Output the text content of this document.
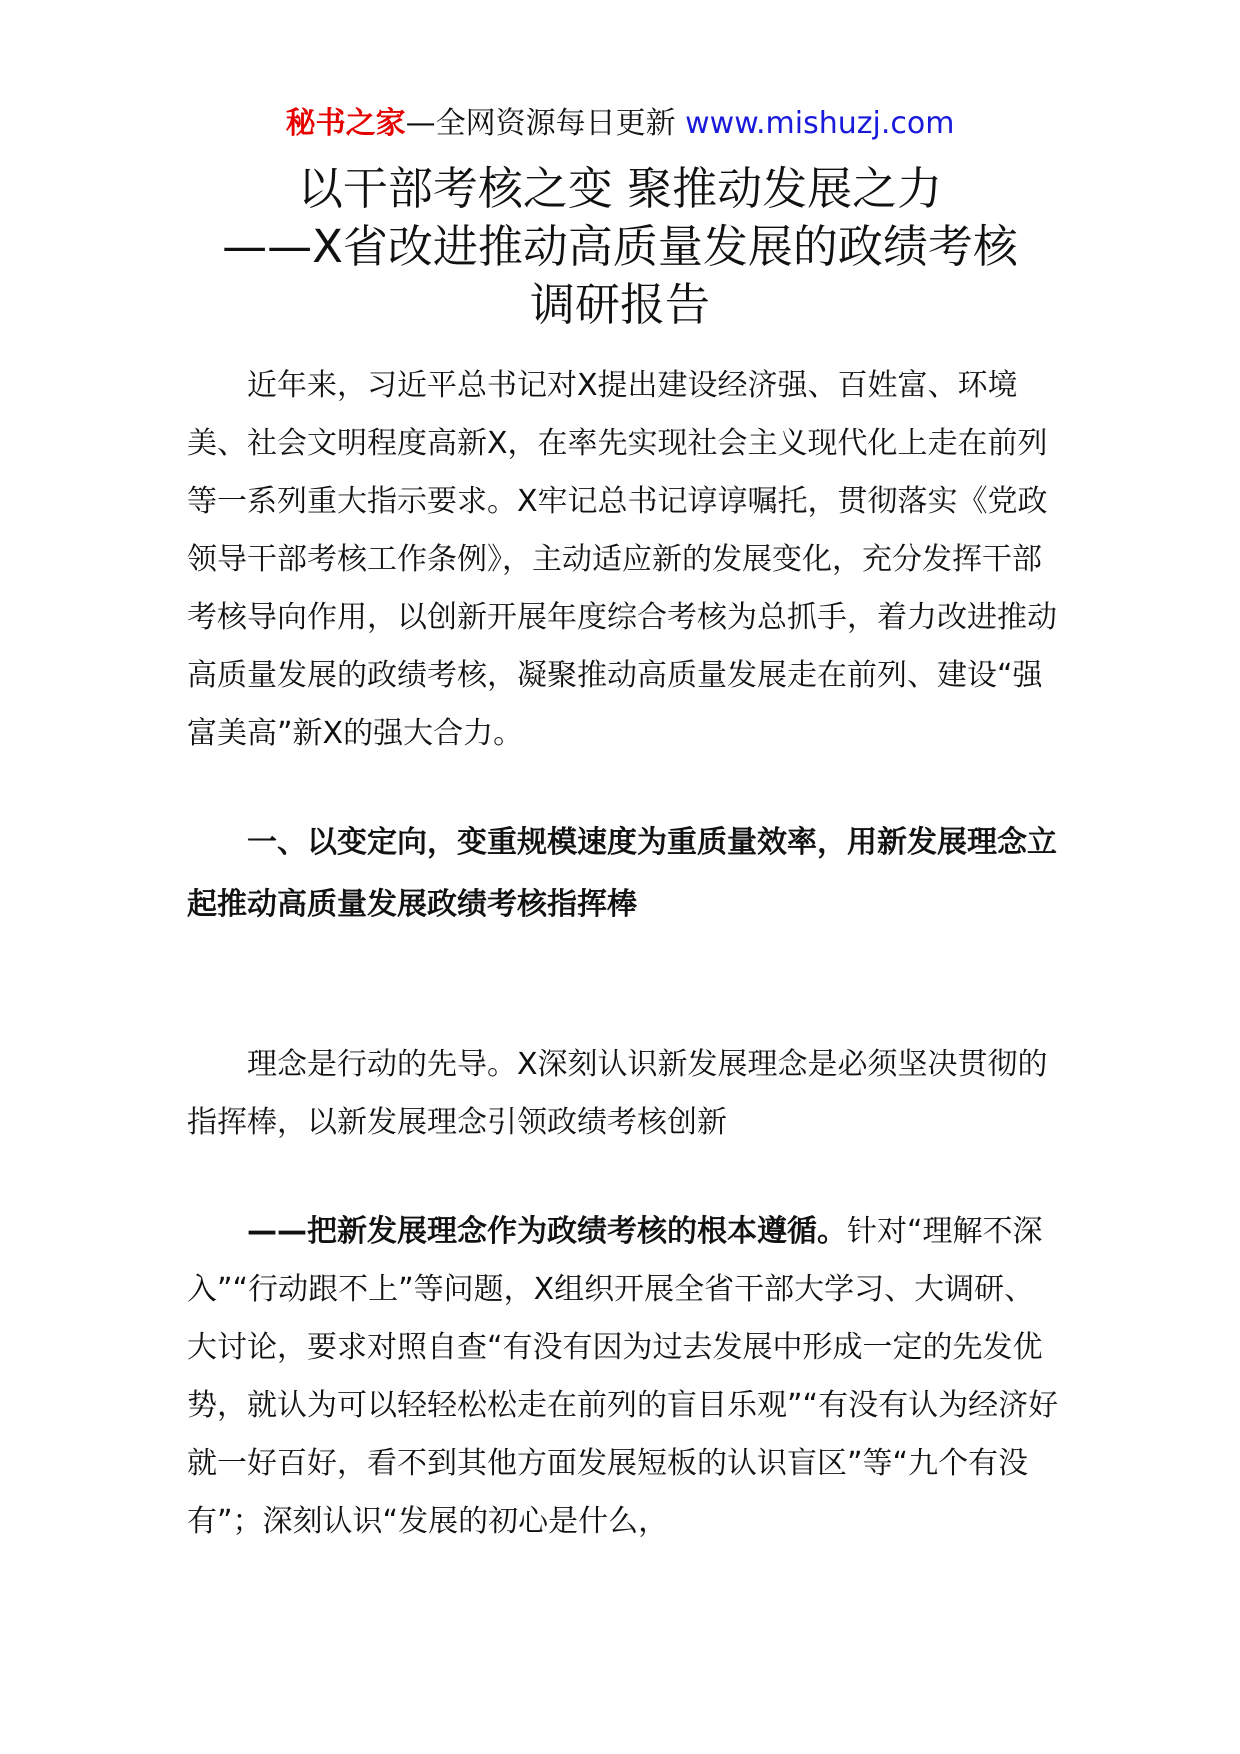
秘书之家—全网资源每日更新 www.mishuzj.com
以干部考核之变 聚推动发展之力
——X省改进推动高质量发展的政绩考核
调研报告

近年来，习近平总书记对X提出建设经济强、百姓富、环境美、社会文明程度高新X，在率先实现社会主义现代化上走在前列等一系列重大指示要求。X牢记总书记谆谆嘱托，贯彻落实《党政领导干部考核工作条例》，主动适应新的发展变化，充分发挥干部考核导向作用，以创新开展年度综合考核为总抓手，着力改进推动高质量发展的政绩考核，凝聚推动高质量发展走在前列、建设“强富美高”新X的强大合力。

一、以变定向，变重规模速度为重质量效率，用新发展理念立起推动高质量发展政绩考核指挥棒

理念是行动的先导。X深刻认识新发展理念是必须坚决贯彻的指挥棒，以新发展理念引领政绩考核创新

——把新发展理念作为政绩考核的根本遵循。针对“理解不深入”“行动跟不上”等问题，X组织开展全省干部大学习、大调研、大讨论，要求对照自查“有没有因为过去发展中形成一定的先发优势，就认为可以轻轻松松走在前列的盲目乐观”“有没有认为经济好就一好百好，看不到其他方面发展短板的认识盲区”等“九个有没有”；深刻认识“发展的初心是什么，
